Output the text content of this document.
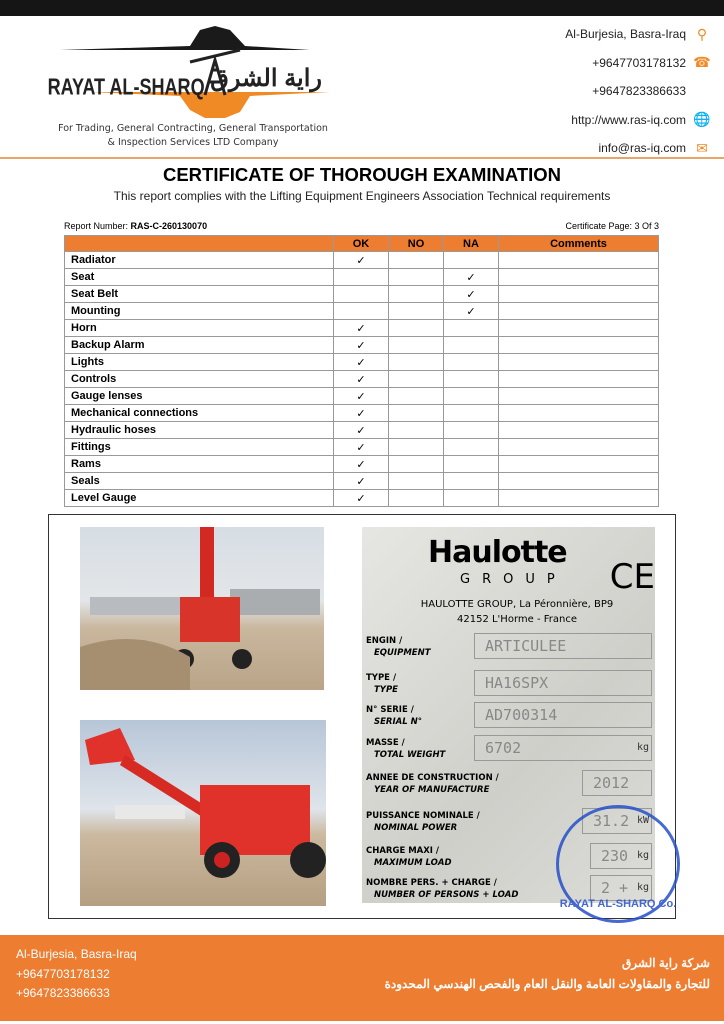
RAYAT AL-SHARQ راية الشرق
For Trading, General Contracting, General Transportation
& Inspection Services LTD Company
Al-Burjesia, Basra-Iraq ⚲
+9647703178132 ☎
+9647823386633
http://www.ras-iq.com 🌐
info@ras-iq.com ✉
CERTIFICATE OF THOROUGH EXAMINATION
This report complies with the Lifting Equipment Engineers Association Technical requirements
Report Number: RAS-C-260130070	Certificate Page: 3 Of 3
	OK	NO	NA	Comments
Radiator	✓			
Seat			✓	
Seat Belt			✓	
Mounting			✓	
Horn	✓			
Backup Alarm	✓			
Lights	✓			
Controls	✓			
Gauge lenses	✓			
Mechanical connections	✓			
Hydraulic hoses	✓			
Fittings	✓			
Rams	✓			
Seals	✓			
Level Gauge	✓			
Haulotte
GROUP CE
HAULOTTE GROUP, La Péronnière, BP9
42152 L'Horme - France
ENGIN /
EQUIPMENT	ARTICULEE
TYPE /
TYPE	HA16SPX
N° SERIE /
SERIAL N°	AD700314
MASSE /
TOTAL WEIGHT	6702	kg
ANNEE DE CONSTRUCTION /
YEAR OF MANUFACTURE	2012
PUISSANCE NOMINALE /
NOMINAL POWER	31.2 kW
CHARGE MAXI /
MAXIMUM LOAD	230 kg
NOMBRE PERS. + CHARGE /
NUMBER OF PERSONS + LOAD	2 + kg
RAYAT AL-SHARQ Co.
Al-Burjesia, Basra-Iraq
+9647703178132
+9647823386633
شركة راية الشرق
للتجارة والمقاولات العامة والنقل العام والفحص الهندسي المحدودة
